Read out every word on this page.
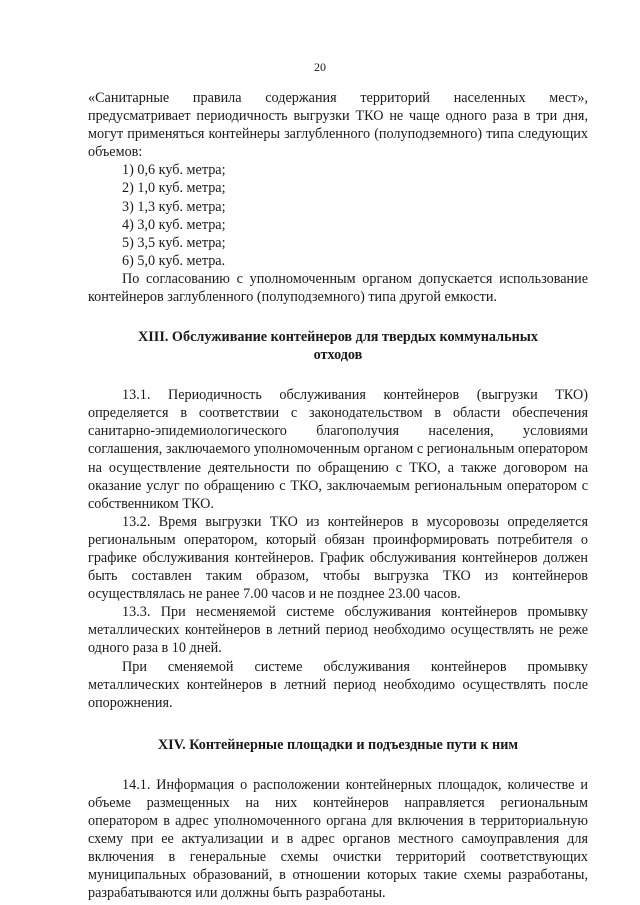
20

«Санитарные правила содержания территорий населенных мест», предусматривает периодичность выгрузки ТКО не чаще одного раза в три дня, могут применяться контейнеры заглубленного (полуподземного) типа следующих объемов:

1) 0,6 куб. метра;
2) 1,0 куб. метра;
3) 1,3 куб. метра;
4) 3,0 куб. метра;
5) 3,5 куб. метра;
6) 5,0 куб. метра.

По согласованию с уполномоченным органом допускается использование контейнеров заглубленного (полуподземного) типа другой емкости.

XIII. Обслуживание контейнеров для твердых коммунальных отходов

13.1. Периодичность обслуживания контейнеров (выгрузки ТКО) определяется в соответствии с законодательством в области обеспечения санитарно-эпидемиологического благополучия населения, условиями соглашения, заключаемого уполномоченным органом с региональным оператором на осуществление деятельности по обращению с ТКО, а также договором на оказание услуг по обращению с ТКО, заключаемым региональным оператором с собственником ТКО.

13.2. Время выгрузки ТКО из контейнеров в мусоровозы определяется региональным оператором, который обязан проинформировать потребителя о графике обслуживания контейнеров. График обслуживания контейнеров должен быть составлен таким образом, чтобы выгрузка ТКО из контейнеров осуществлялась не ранее 7.00 часов и не позднее 23.00 часов.

13.3. При несменяемой системе обслуживания контейнеров промывку металлических контейнеров в летний период необходимо осуществлять не реже одного раза в 10 дней.

При сменяемой системе обслуживания контейнеров промывку металлических контейнеров в летний период необходимо осуществлять после опорожнения.

XIV. Контейнерные площадки и подъездные пути к ним

14.1. Информация о расположении контейнерных площадок, количестве и объеме размещенных на них контейнеров направляется региональным оператором в адрес уполномоченного органа для включения в территориальную схему при ее актуализации и в адрес органов местного самоуправления для включения в генеральные схемы очистки территорий соответствующих муниципальных образований, в отношении которых такие схемы разработаны, разрабатываются или должны быть разработаны.
